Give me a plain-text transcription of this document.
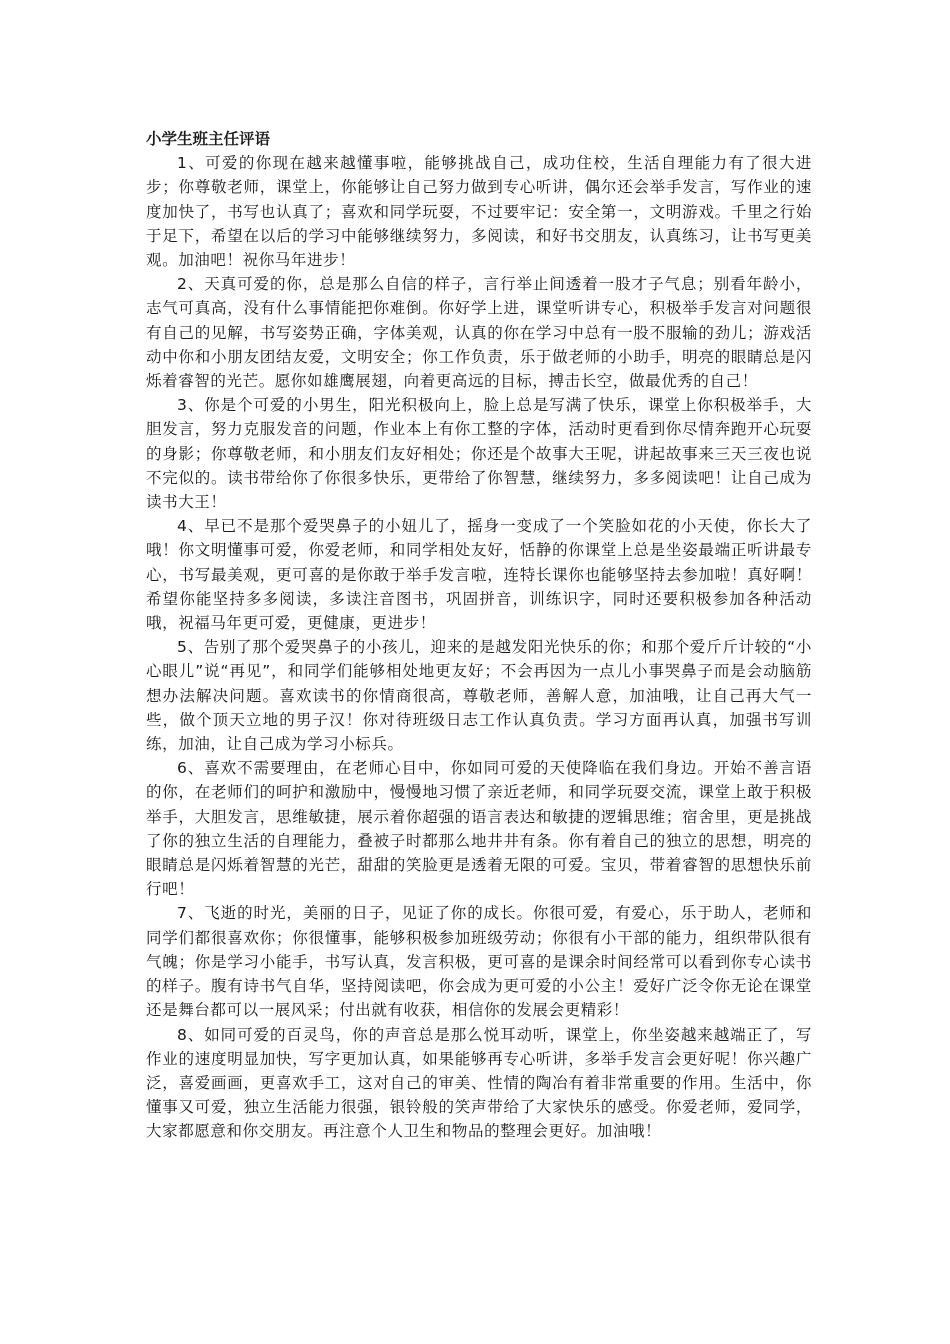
小学生班主任评语

1、可爱的你现在越来越懂事啦，能够挑战自己，成功住校，生活自理能力有了很大进步；你尊敬老师，课堂上，你能够让自己努力做到专心听讲，偶尔还会举手发言，写作业的速度加快了，书写也认真了；喜欢和同学玩耍，不过要牢记：安全第一，文明游戏。千里之行始于足下，希望在以后的学习中能够继续努力，多阅读，和好书交朋友，认真练习，让书写更美观。加油吧！祝你马年进步！

2、天真可爱的你，总是那么自信的样子，言行举止间透着一股才子气息；别看年龄小，志气可真高，没有什么事情能把你难倒。你好学上进，课堂听讲专心，积极举手发言对问题很有自己的见解，书写姿势正确，字体美观，认真的你在学习中总有一股不服输的劲儿；游戏活动中你和小朋友团结友爱，文明安全；你工作负责，乐于做老师的小助手，明亮的眼睛总是闪烁着睿智的光芒。愿你如雄鹰展翅，向着更高远的目标，搏击长空，做最优秀的自己！

3、你是个可爱的小男生，阳光积极向上，脸上总是写满了快乐，课堂上你积极举手，大胆发言，努力克服发音的问题，作业本上有你工整的字体，活动时更看到你尽情奔跑开心玩耍的身影；你尊敬老师，和小朋友们友好相处；你还是个故事大王呢，讲起故事来三天三夜也说不完似的。读书带给你了你很多快乐，更带给了你智慧，继续努力，多多阅读吧！让自己成为读书大王！

4、早已不是那个爱哭鼻子的小妞儿了，摇身一变成了一个笑脸如花的小天使，你长大了哦！你文明懂事可爱，你爱老师，和同学相处友好，恬静的你课堂上总是坐姿最端正听讲最专心，书写最美观，更可喜的是你敢于举手发言啦，连特长课你也能够坚持去参加啦！真好啊！希望你能坚持多多阅读，多读注音图书，巩固拼音，训练识字，同时还要积极参加各种活动哦，祝福马年更可爱，更健康，更进步！

5、告别了那个爱哭鼻子的小孩儿，迎来的是越发阳光快乐的你；和那个爱斤斤计较的“小心眼儿”说“再见”，和同学们能够相处地更友好；不会再因为一点儿小事哭鼻子而是会动脑筋想办法解决问题。喜欢读书的你情商很高，尊敬老师，善解人意，加油哦，让自己再大气一些，做个顶天立地的男子汉！你对待班级日志工作认真负责。学习方面再认真，加强书写训练，加油，让自己成为学习小标兵。

6、喜欢不需要理由，在老师心目中，你如同可爱的天使降临在我们身边。开始不善言语的你，在老师们的呵护和激励中，慢慢地习惯了亲近老师，和同学玩耍交流，课堂上敢于积极举手，大胆发言，思维敏捷，展示着你超强的语言表达和敏捷的逻辑思维；宿舍里，更是挑战了你的独立生活的自理能力，叠被子时都那么地井井有条。你有着自己的独立的思想，明亮的眼睛总是闪烁着智慧的光芒，甜甜的笑脸更是透着无限的可爱。宝贝，带着睿智的思想快乐前行吧！

7、飞逝的时光，美丽的日子，见证了你的成长。你很可爱，有爱心，乐于助人，老师和同学们都很喜欢你；你很懂事，能够积极参加班级劳动；你很有小干部的能力，组织带队很有气魄；你是学习小能手，书写认真，发言积极，更可喜的是课余时间经常可以看到你专心读书的样子。腹有诗书气自华，坚持阅读吧，你会成为更可爱的小公主！爱好广泛令你无论在课堂还是舞台都可以一展风采；付出就有收获，相信你的发展会更精彩！

8、如同可爱的百灵鸟，你的声音总是那么悦耳动听，课堂上，你坐姿越来越端正了，写作业的速度明显加快，写字更加认真，如果能够再专心听讲，多举手发言会更好呢！你兴趣广泛，喜爱画画，更喜欢手工，这对自己的审美、性情的陶冶有着非常重要的作用。生活中，你懂事又可爱，独立生活能力很强，银铃般的笑声带给了大家快乐的感受。你爱老师，爱同学，大家都愿意和你交朋友。再注意个人卫生和物品的整理会更好。加油哦！
